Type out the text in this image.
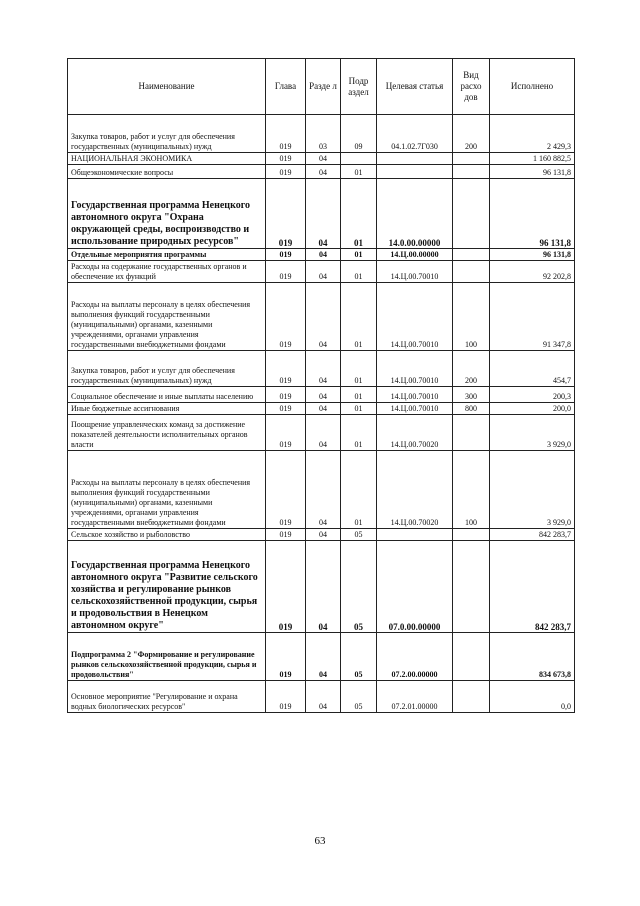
Наименование	Глава	Разде л	Подр аздел	Целевая статья	Вид расхо дов	Исполнено
Закупка товаров, работ и услуг для обеспечения государственных (муниципальных) нужд	019	03	09	04.1.02.7Г030	200	2 429,3
НАЦИОНАЛЬНАЯ ЭКОНОМИКА	019	04				1 160 882,5
Общеэкономические вопросы	019	04	01			96 131,8
Государственная программа Ненецкого автономного округа "Охрана окружающей среды, воспроизводство и использование природных ресурсов"	019	04	01	14.0.00.00000		96 131,8
Отдельные мероприятия программы	019	04	01	14.Ц.00.00000		96 131,8
Расходы на содержание государственных органов и обеспечение их функций	019	04	01	14.Ц.00.70010		92 202,8
Расходы на выплаты персоналу в целях обеспечения выполнения функций государственными (муниципальными) органами, казенными учреждениями, органами управления государственными внебюджетными фондами	019	04	01	14.Ц.00.70010	100	91 347,8
Закупка товаров, работ и услуг для обеспечения государственных (муниципальных) нужд	019	04	01	14.Ц.00.70010	200	454,7
Социальное обеспечение и иные выплаты населению	019	04	01	14.Ц.00.70010	300	200,3
Иные бюджетные ассигнования	019	04	01	14.Ц.00.70010	800	200,0
Поощрение управленческих команд за достижение показателей деятельности исполнительных органов власти	019	04	01	14.Ц.00.70020		3 929,0
Расходы на выплаты персоналу в целях обеспечения выполнения функций государственными (муниципальными) органами, казенными учреждениями, органами управления государственными внебюджетными фондами	019	04	01	14.Ц.00.70020	100	3 929,0
Сельское хозяйство и рыболовство	019	04	05			842 283,7
Государственная программа Ненецкого автономного округа "Развитие сельского хозяйства и регулирование рынков сельскохозяйственной продукции, сырья и продовольствия в Ненецком автономном округе"	019	04	05	07.0.00.00000		842 283,7
Подпрограмма 2 "Формирование и регулирование рынков сельскохозяйственной продукции, сырья и продовольствия"	019	04	05	07.2.00.00000		834 673,8
Основное мероприятие "Регулирование и охрана водных биологических ресурсов"	019	04	05	07.2.01.00000		0,0
63
